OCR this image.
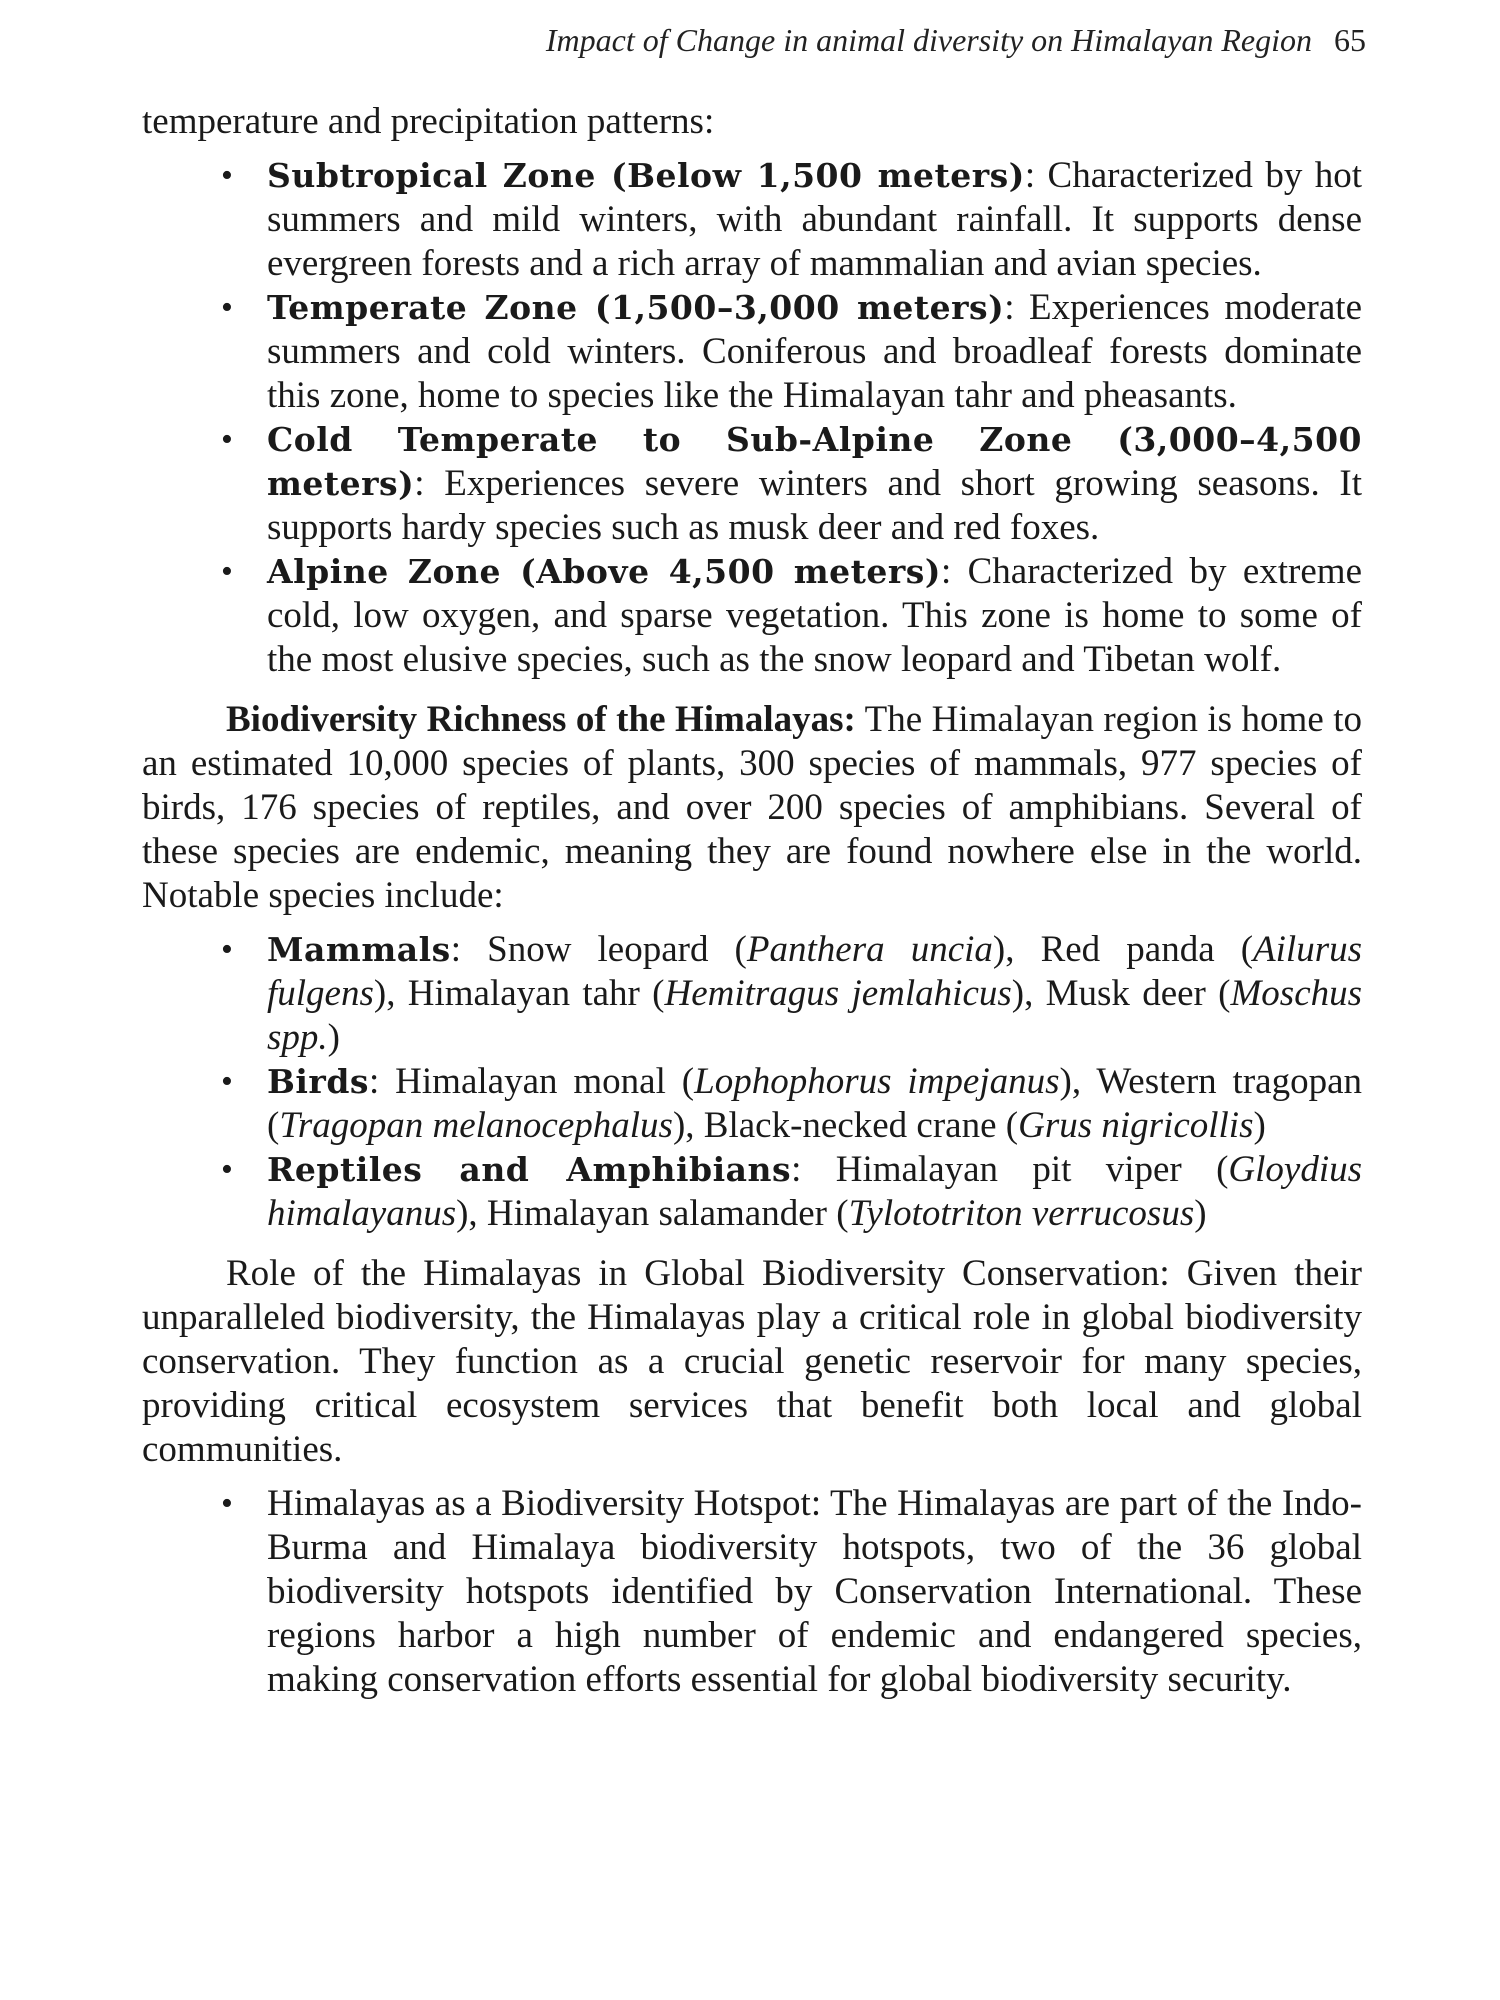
Impact of Change in animal diversity on Himalayan Region 65

temperature and precipitation patterns:

• Subtropical Zone (Below 1,500 meters): Characterized by hot summers and mild winters, with abundant rainfall. It supports dense evergreen forests and a rich array of mammalian and avian species.
• Temperate Zone (1,500–3,000 meters): Experiences moderate summers and cold winters. Coniferous and broadleaf forests dominate this zone, home to species like the Himalayan tahr and pheasants.
• Cold Temperate to Sub-Alpine Zone (3,000–4,500 meters): Experiences severe winters and short growing seasons. It supports hardy species such as musk deer and red foxes.
• Alpine Zone (Above 4,500 meters): Characterized by extreme cold, low oxygen, and sparse vegetation. This zone is home to some of the most elusive species, such as the snow leopard and Tibetan wolf.

Biodiversity Richness of the Himalayas: The Himalayan region is home to an estimated 10,000 species of plants, 300 species of mammals, 977 species of birds, 176 species of reptiles, and over 200 species of amphibians. Several of these species are endemic, meaning they are found nowhere else in the world. Notable species include:

• Mammals: Snow leopard (Panthera uncia), Red panda (Ailurus fulgens), Himalayan tahr (Hemitragus jemlahicus), Musk deer (Moschus spp.)
• Birds: Himalayan monal (Lophophorus impejanus), Western tragopan (Tragopan melanocephalus), Black-necked crane (Grus nigricollis)
• Reptiles and Amphibians: Himalayan pit viper (Gloydius himalayanus), Himalayan salamander (Tylototriton verrucosus)

Role of the Himalayas in Global Biodiversity Conservation: Given their unparalleled biodiversity, the Himalayas play a critical role in global biodiversity conservation. They function as a crucial genetic reservoir for many species, providing critical ecosystem services that benefit both local and global communities.

• Himalayas as a Biodiversity Hotspot: The Himalayas are part of the Indo-Burma and Himalaya biodiversity hotspots, two of the 36 global biodiversity hotspots identified by Conservation International. These regions harbor a high number of endemic and endangered species, making conservation efforts essential for global biodiversity security.
